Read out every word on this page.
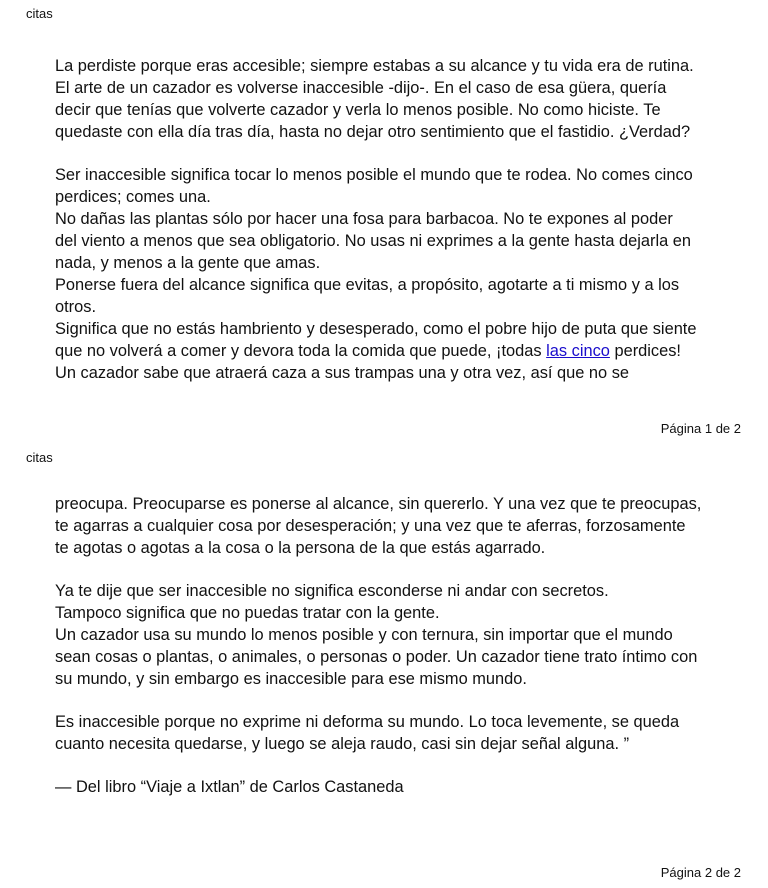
citas
La perdiste porque eras accesible; siempre estabas a su alcance y tu vida era de rutina.
El arte de un cazador es volverse inaccesible -dijo-. En el caso de esa güera, quería
decir que tenías que volverte cazador y verla lo menos posible. No como hiciste. Te
quedaste con ella día tras día, hasta no dejar otro sentimiento que el fastidio. ¿Verdad?
Ser inaccesible significa tocar lo menos posible el mundo que te rodea. No comes cinco
perdices; comes una.
No dañas las plantas sólo por hacer una fosa para barbacoa. No te expones al poder
del viento a menos que sea obligatorio. No usas ni exprimes a la gente hasta dejarla en
nada, y menos a la gente que amas.
Ponerse fuera del alcance significa que evitas, a propósito, agotarte a ti mismo y a los
otros.
Significa que no estás hambriento y desesperado, como el pobre hijo de puta que siente
que no volverá a comer y devora toda la comida que puede, ¡todas las cinco perdices!
Un cazador sabe que atraerá caza a sus trampas una y otra vez, así que no se
Página 1 de 2
citas
preocupa. Preocuparse es ponerse al alcance, sin quererlo. Y una vez que te preocupas,
te agarras a cualquier cosa por desesperación; y una vez que te aferras, forzosamente
te agotas o agotas a la cosa o la persona de la que estás agarrado.
Ya te dije que ser inaccesible no significa esconderse ni andar con secretos.
Tampoco significa que no puedas tratar con la gente.
Un cazador usa su mundo lo menos posible y con ternura, sin importar que el mundo
sean cosas o plantas, o animales, o personas o poder. Un cazador tiene trato íntimo con
su mundo, y sin embargo es inaccesible para ese mismo mundo.
Es inaccesible porque no exprime ni deforma su mundo. Lo toca levemente, se queda
cuanto necesita quedarse, y luego se aleja raudo, casi sin dejar señal alguna. ”
— Del libro “Viaje a Ixtlan” de Carlos Castaneda
Página 2 de 2
